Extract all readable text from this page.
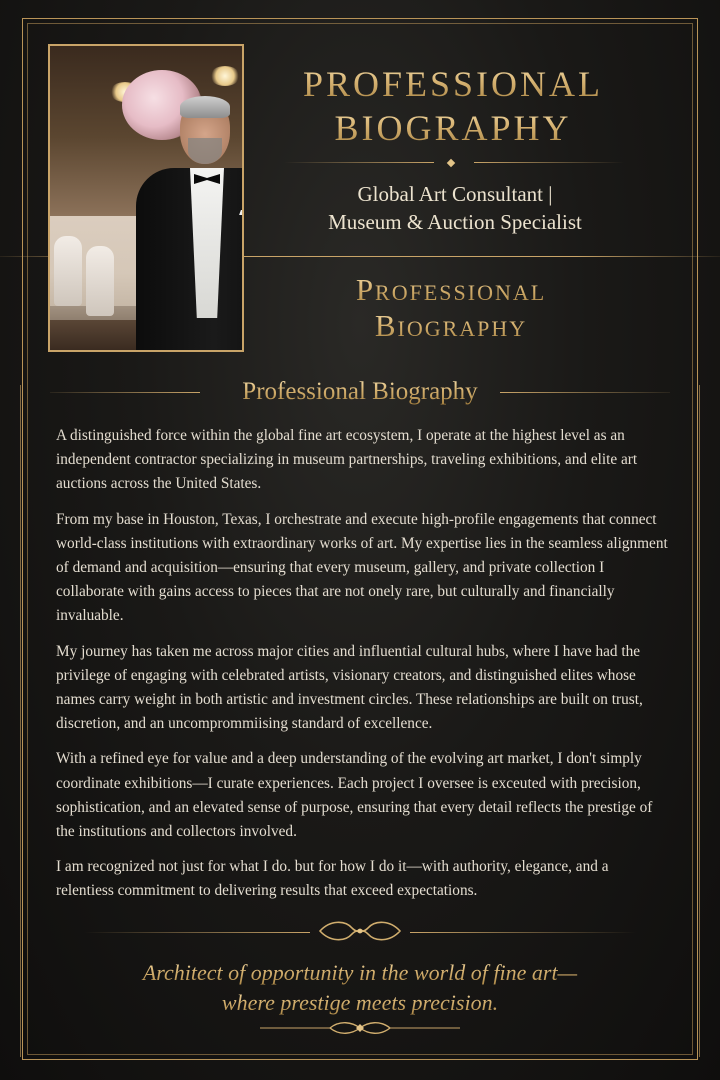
PROFESSIONAL
BIOGRAPHY
Global Art Consultant |
Museum & Auction Specialist
Professional
Biography
Professional Biography

A distinguished force within the global fine art ecosystem, I operate at the highest level as an independent contractor specializing in museum partnerships, traveling exhibitions, and elite art auctions across the United States.

From my base in Houston, Texas, I orchestrate and execute high-profile engagements that connect world-class institutions with extraordinary works of art. My expertise lies in the seamless alignment of demand and acquisition—ensuring that every museum, gallery, and private collection I collaborate with gains access to pieces that are not onely rare, but culturally and financially invaluable.

My journey has taken me across major cities and influential cultural hubs, where I have had the privilege of engaging with celebrated artists, visionary creators, and distinguished elites whose names carry weight in both artistic and investment circles. These relationships are built on trust, discretion, and an uncomprommiising standard of excellence.

With a refined eye for value and a deep understanding of the evolving art market, I don't simply coordinate exhibitions—I curate experiences. Each project I oversee is exceuted with precision, sophistication, and an elevated sense of purpose, ensuring that every detail reflects the prestige of the institutions and collectors involved.

I am recognized not just for what I do. but for how I do it—with authority, elegance, and a relentiess commitment to delivering results that exceed expectations.

Architect of opportunity in the world of fine art—
where prestige meets precision.
